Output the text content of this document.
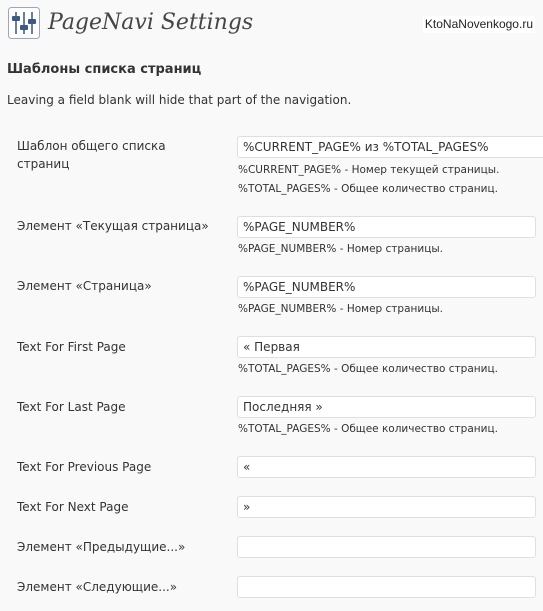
PageNavi Settings	KtoNaNovenkogo.ru
Шаблоны списка страниц
Leaving a field blank will hide that part of the navigation.
Шаблон общего списка страниц
%CURRENT_PAGE% из %TOTAL_PAGES%	%CURRENT_PAGE% - Номер текущей страницы.
%TOTAL_PAGES% - Общее количество страниц.
Элемент «Текущая страница»
%PAGE_NUMBER%
%PAGE_NUMBER% - Номер страницы.
Элемент «Страница»
%PAGE_NUMBER%
%PAGE_NUMBER% - Номер страницы.
Text For First Page
« Первая
%TOTAL_PAGES% - Общее количество страниц.
Text For Last Page
Последняя »
%TOTAL_PAGES% - Общее количество страниц.
Text For Previous Page
«
Text For Next Page
»
Элемент «Предыдущие...»
Элемент «Следующие...»
